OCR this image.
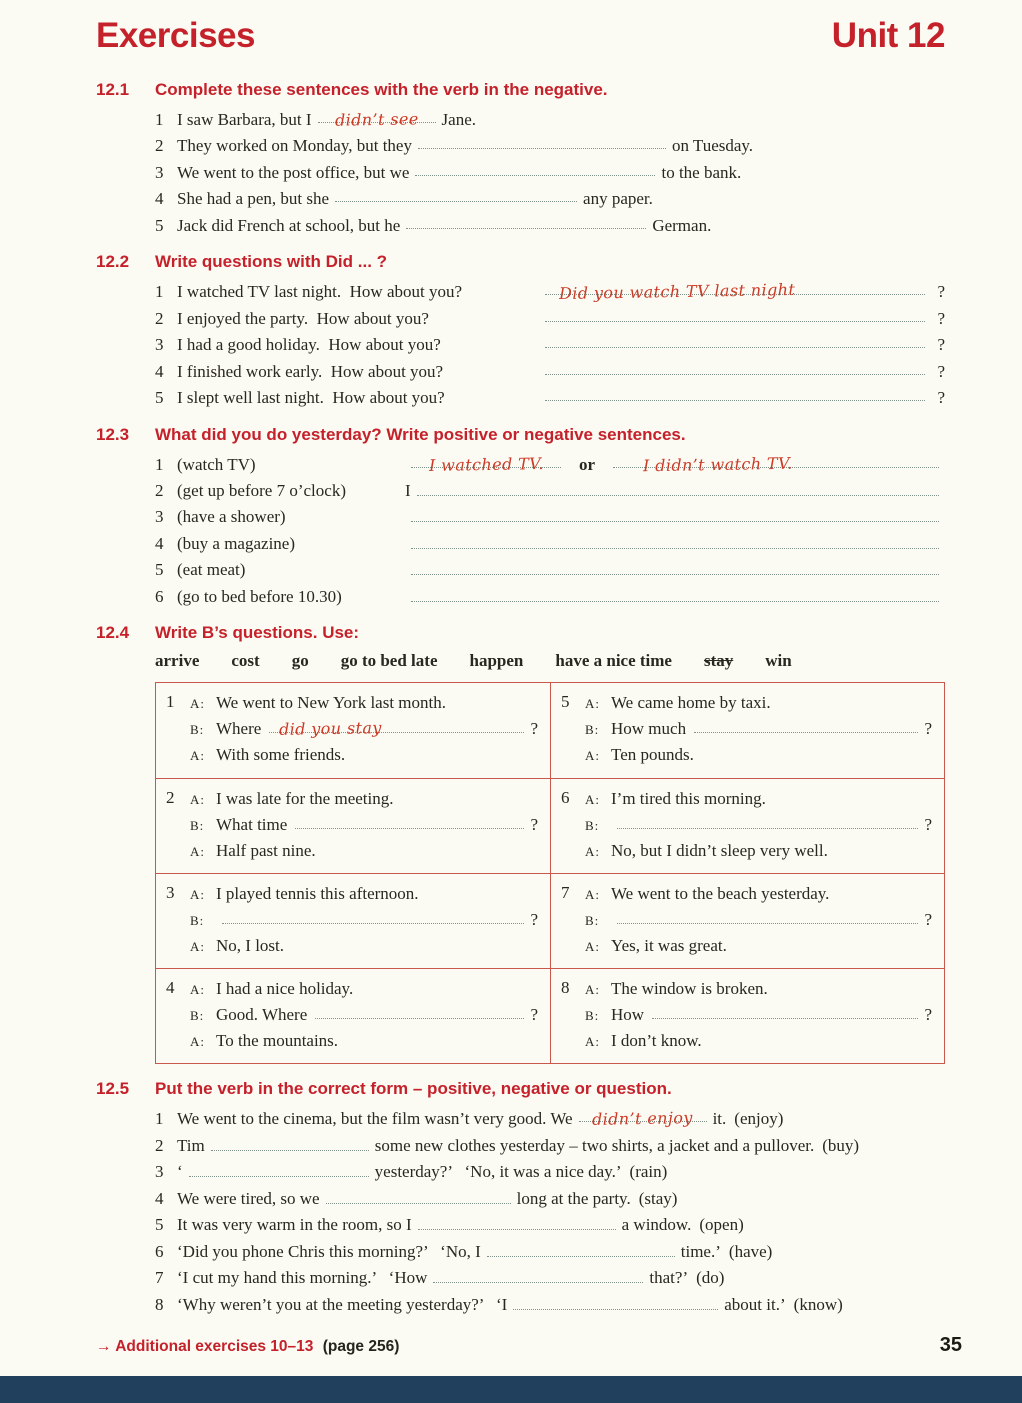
Exercises	Unit 12
12.1	Complete these sentences with the verb in the negative.
1 I saw Barbara, but I didn’t see Jane.
2 They worked on Monday, but they	on Tuesday.
3 We went to the post office, but we	to the bank.
4 She had a pen, but she	any paper.
5 Jack did French at school, but he	German.
12.2	Write questions with Did ... ?
1 I watched TV last night.  How about you?	Did you watch TV last night	?
2 I enjoyed the party.  How about you?	?
3 I had a good holiday.  How about you?	?
4 I finished work early.  How about you?	?
5 I slept well last night.  How about you?	?
12.3	What did you do yesterday? Write positive or negative sentences.
1 (watch TV)	I watched TV.	or	I didn’t watch TV.
2 (get up before 7 o’clock)	I
3 (have a shower)
4 (buy a magazine)
5 (eat meat)
6 (go to bed before 10.30)
12.4	Write B’s questions. Use:
arrive cost go go to bed late happen have a nice time stay win
1	A: We went to New York last month.
B: Where	did you stay	?
A: With some friends.
2	A: I was late for the meeting.
B: What time	?
A: Half past nine.
3	A: I played tennis this afternoon.
B:	?
A: No, I lost.
4	A: I had a nice holiday.
B: Good. Where	?
A: To the mountains.
5	A: We came home by taxi.
B: How much	?
A: Ten pounds.
6	A: I’m tired this morning.
B:	?
A: No, but I didn’t sleep very well.
7	A: We went to the beach yesterday.
B:	?
A: Yes, it was great.
8	A: The window is broken.
B: How	?
A: I don’t know.
12.5	Put the verb in the correct form – positive, negative or question.
1 We went to the cinema, but the film wasn’t very good. We didn’t enjoy it. (enjoy)
2 Tim	some new clothes yesterday – two shirts, a jacket and a pullover. (buy)
3 ‘	yesterday?’   ‘No, it was a nice day.’ (rain)
4 We were tired, so we	long at the party. (stay)
5 It was very warm in the room, so I	a window. (open)
6 ‘Did you phone Chris this morning?’   ‘No, I	time.’ (have)
7 ‘I cut my hand this morning.’   ‘How	that?’ (do)
8 ‘Why weren’t you at the meeting yesterday?’   ‘I	about it.’ (know)
→ Additional exercises 10–13 (page 256)	35
